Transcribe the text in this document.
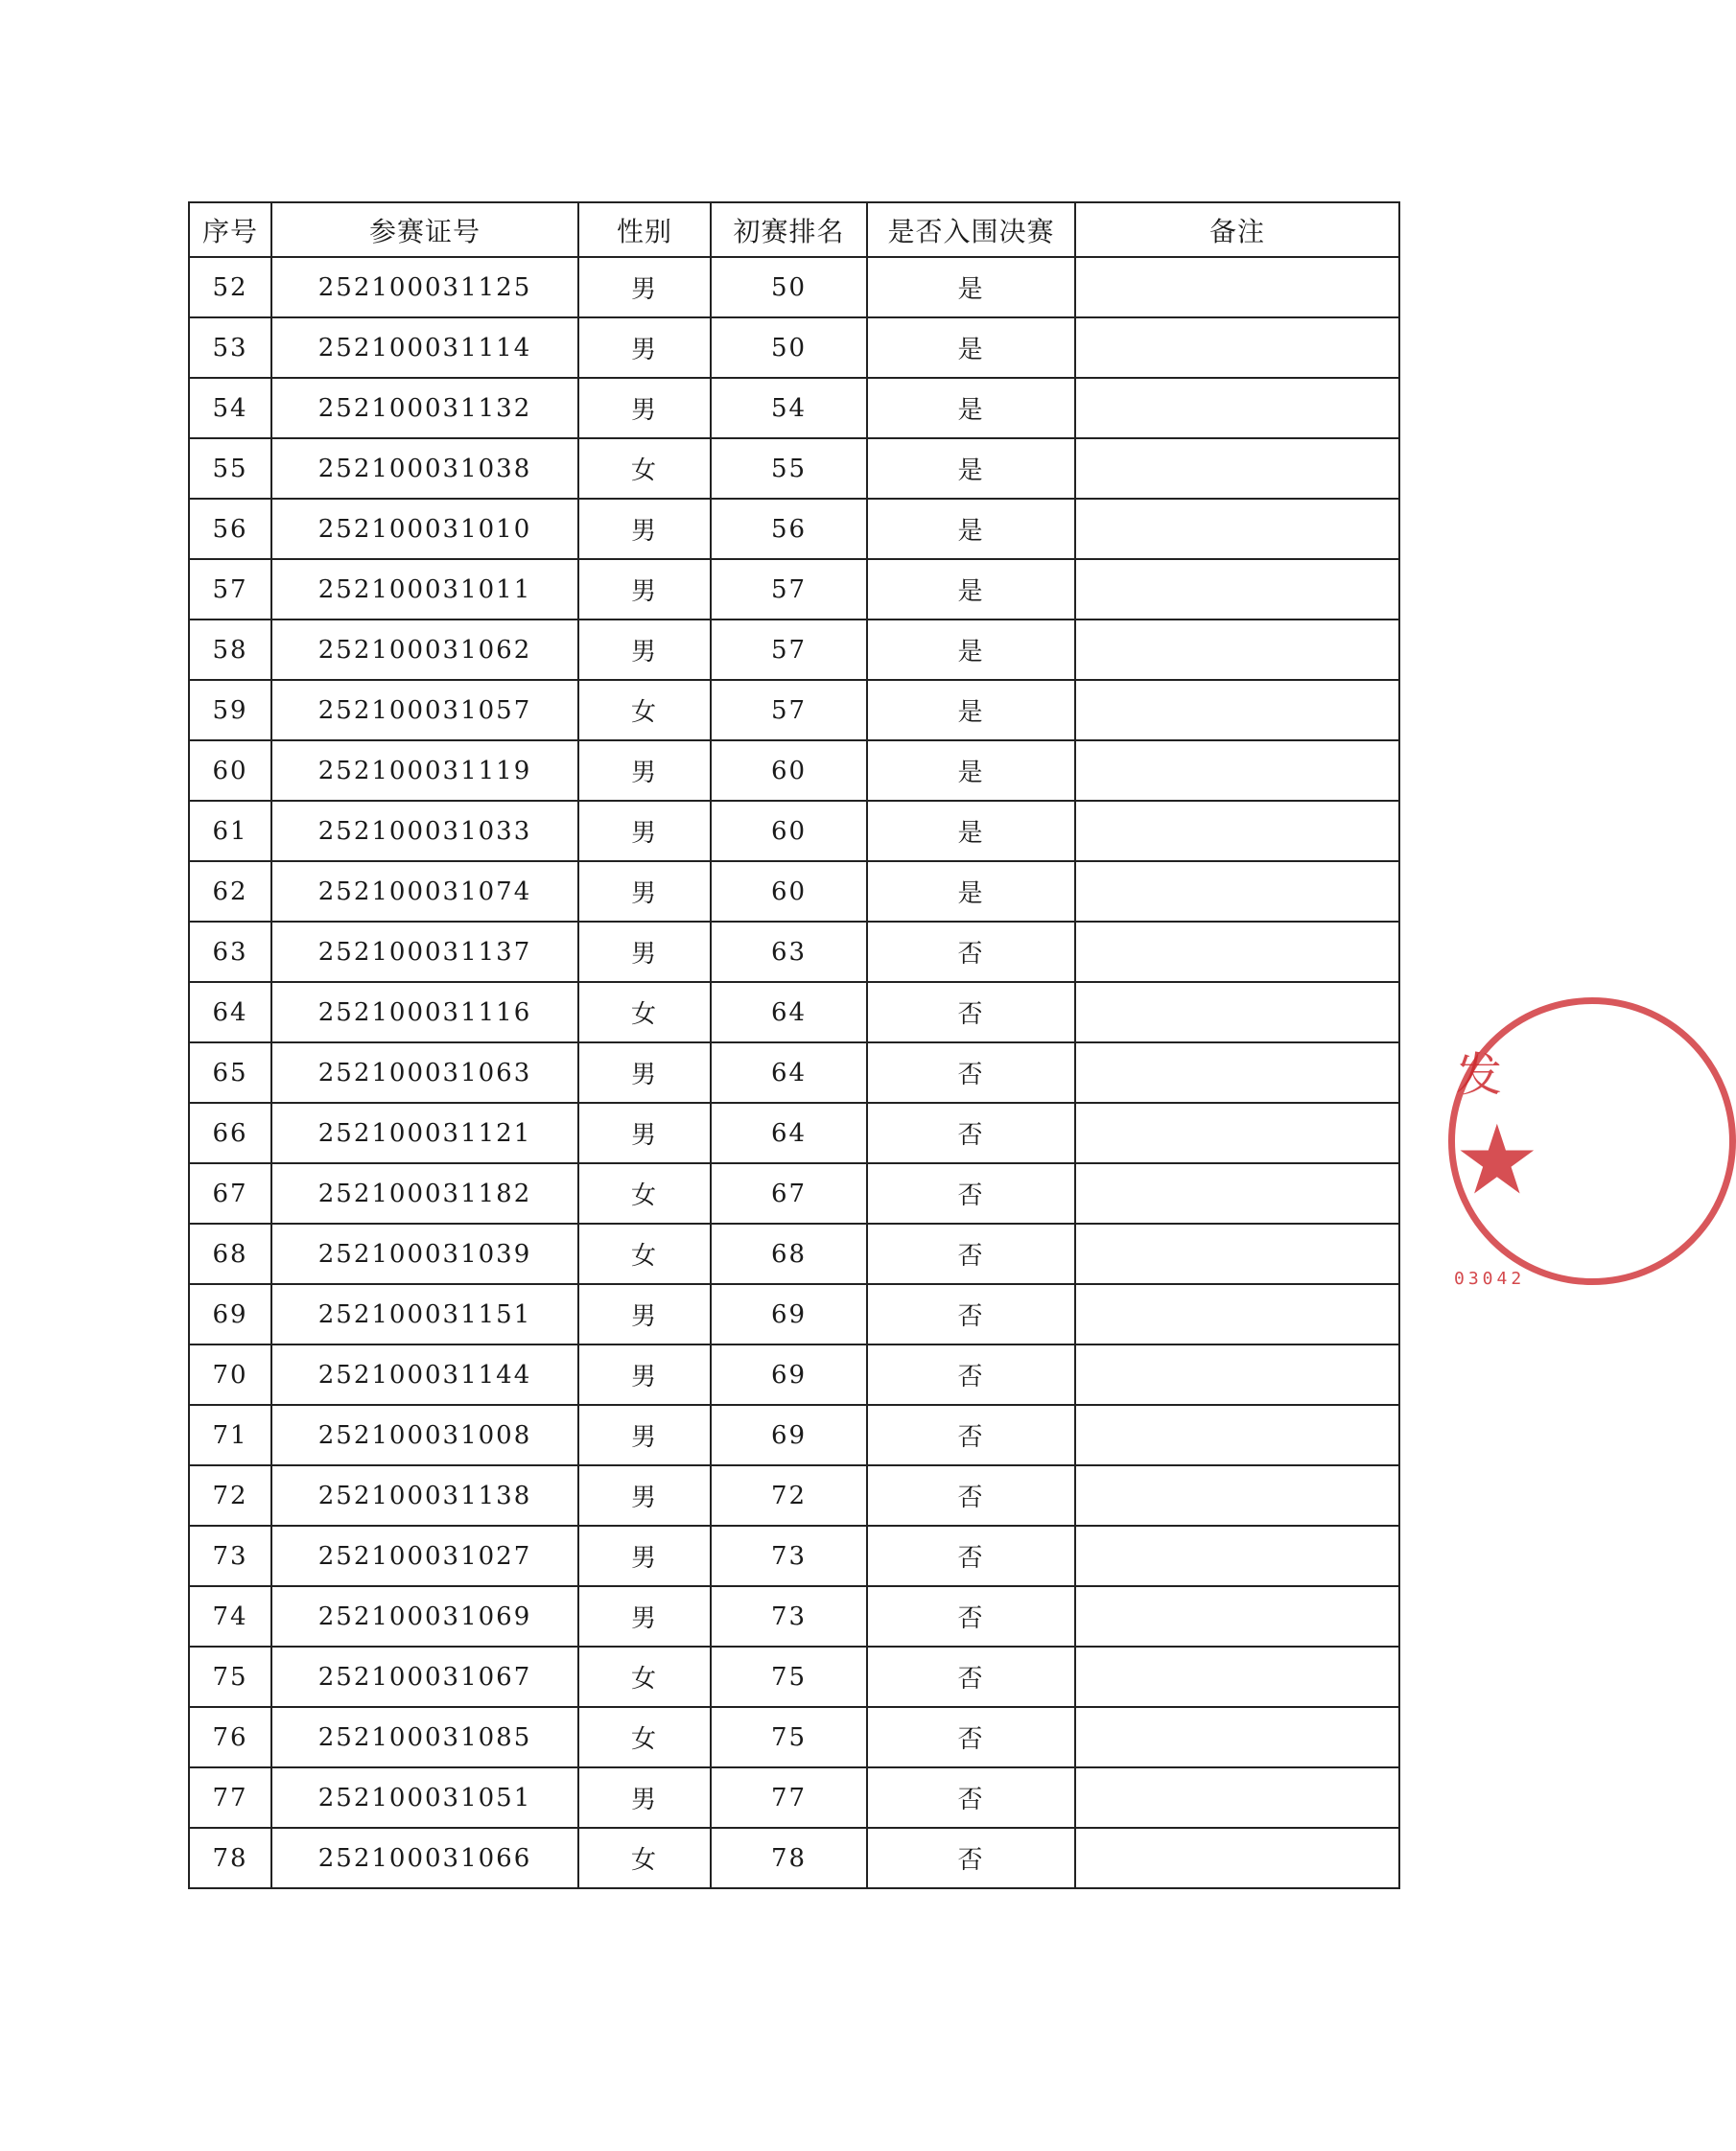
序号	参赛证号	性别	初赛排名	是否入围决赛	备注
52	252100031125	男	50	是	
53	252100031114	男	50	是	
54	252100031132	男	54	是	
55	252100031038	女	55	是	
56	252100031010	男	56	是	
57	252100031011	男	57	是	
58	252100031062	男	57	是	
59	252100031057	女	57	是	
60	252100031119	男	60	是	
61	252100031033	男	60	是	
62	252100031074	男	60	是	
63	252100031137	男	63	否	
64	252100031116	女	64	否	
65	252100031063	男	64	否	
66	252100031121	男	64	否	
67	252100031182	女	67	否	
68	252100031039	女	68	否	
69	252100031151	男	69	否	
70	252100031144	男	69	否	
71	252100031008	男	69	否	
72	252100031138	男	72	否	
73	252100031027	男	73	否	
74	252100031069	男	73	否	
75	252100031067	女	75	否	
76	252100031085	女	75	否	
77	252100031051	男	77	否	
78	252100031066	女	78	否	
发
★
03042
